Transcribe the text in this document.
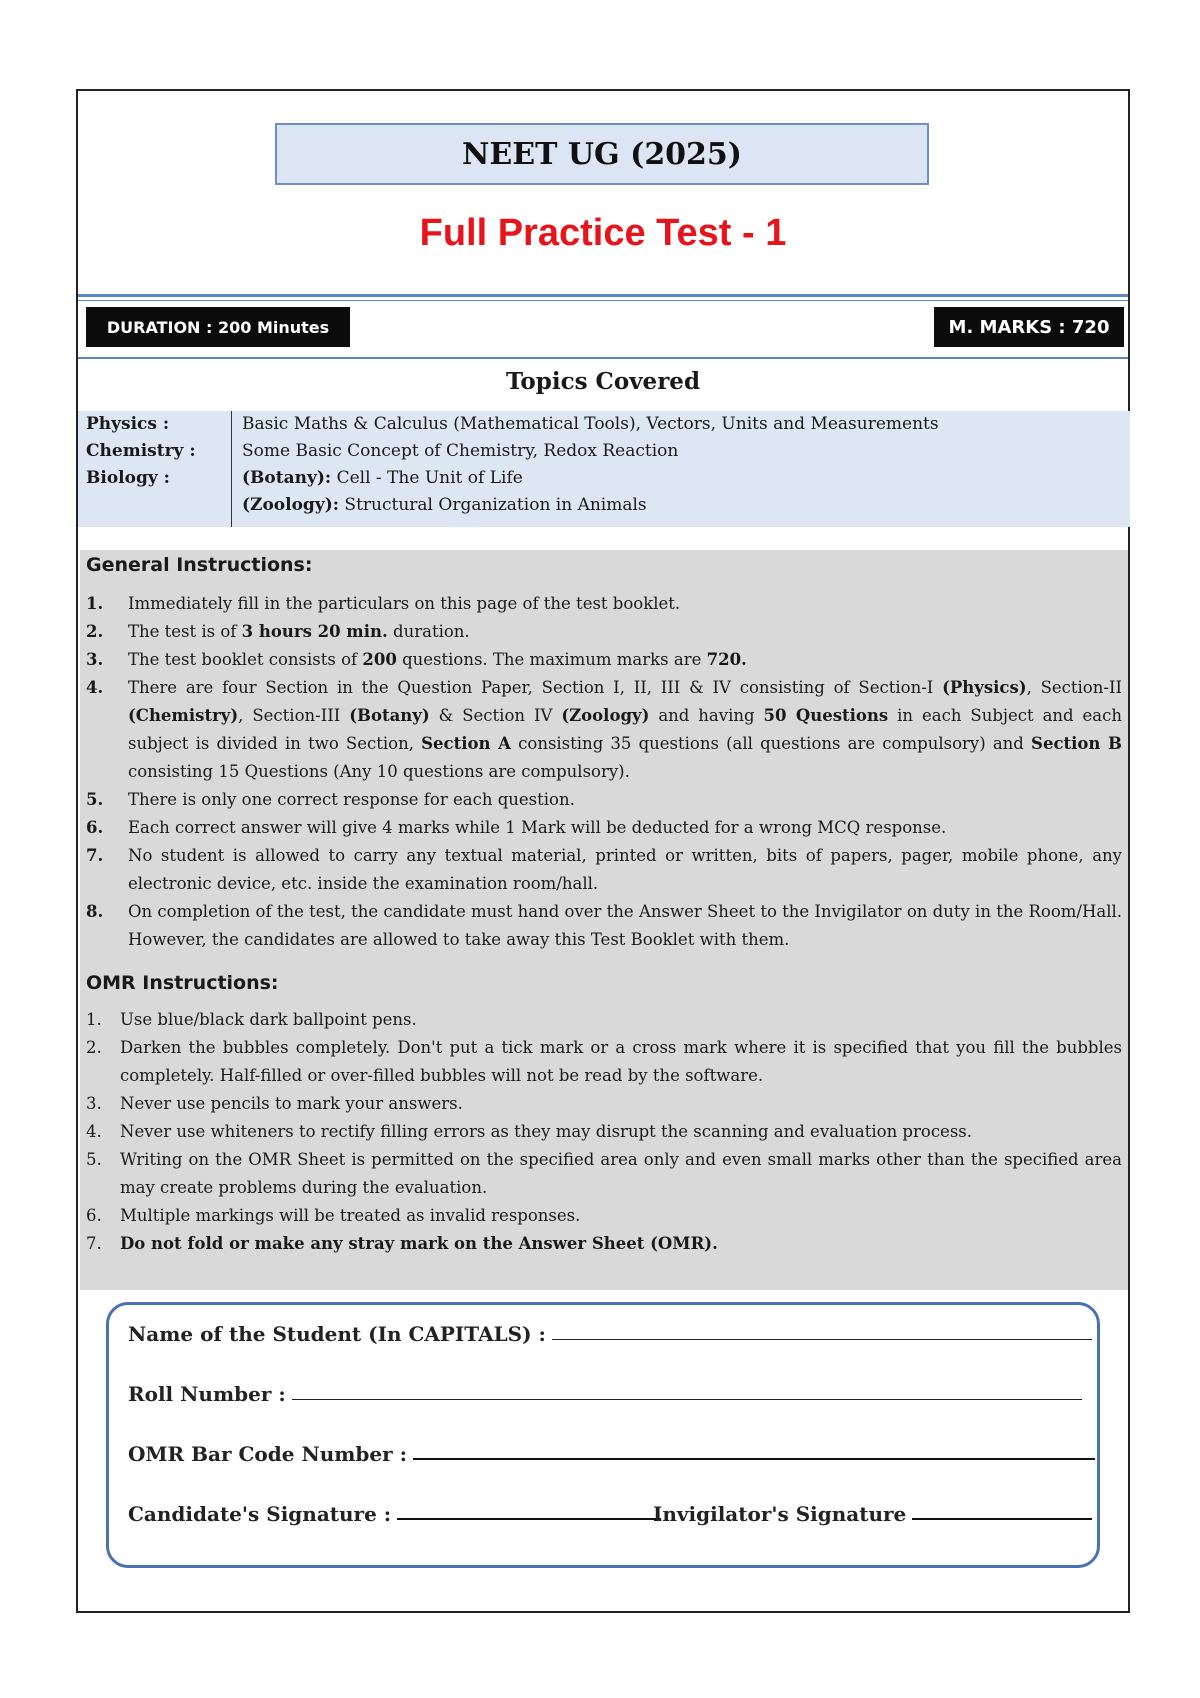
NEET UG (2025)
Full Practice Test - 1
DURATION : 200 Minutes	M. MARKS : 720
Topics Covered
Physics :	Basic Maths & Calculus (Mathematical Tools), Vectors, Units and Measurements
Chemistry :	Some Basic Concept of Chemistry, Redox Reaction
Biology :	(Botany): Cell - The Unit of Life
(Zoology): Structural Organization in Animals
General Instructions:
1. Immediately fill in the particulars on this page of the test booklet.
2. The test is of 3 hours 20 min. duration.
3. The test booklet consists of 200 questions. The maximum marks are 720.
4. There are four Section in the Question Paper, Section I, II, III & IV consisting of Section-I (Physics), Section-II (Chemistry), Section-III (Botany) & Section IV (Zoology) and having 50 Questions in each Subject and each subject is divided in two Section, Section A consisting 35 questions (all questions are compulsory) and Section B consisting 15 Questions (Any 10 questions are compulsory).
5. There is only one correct response for each question.
6. Each correct answer will give 4 marks while 1 Mark will be deducted for a wrong MCQ response.
7. No student is allowed to carry any textual material, printed or written, bits of papers, pager, mobile phone, any electronic device, etc. inside the examination room/hall.
8. On completion of the test, the candidate must hand over the Answer Sheet to the Invigilator on duty in the Room/Hall. However, the candidates are allowed to take away this Test Booklet with them.
OMR Instructions:
1. Use blue/black dark ballpoint pens.
2. Darken the bubbles completely. Don't put a tick mark or a cross mark where it is specified that you fill the bubbles completely. Half-filled or over-filled bubbles will not be read by the software.
3. Never use pencils to mark your answers.
4. Never use whiteners to rectify filling errors as they may disrupt the scanning and evaluation process.
5. Writing on the OMR Sheet is permitted on the specified area only and even small marks other than the specified area may create problems during the evaluation.
6. Multiple markings will be treated as invalid responses.
7. Do not fold or make any stray mark on the Answer Sheet (OMR).
Name of the Student (In CAPITALS) :
Roll Number :
OMR Bar Code Number :
Candidate's Signature :	Invigilator's Signature
